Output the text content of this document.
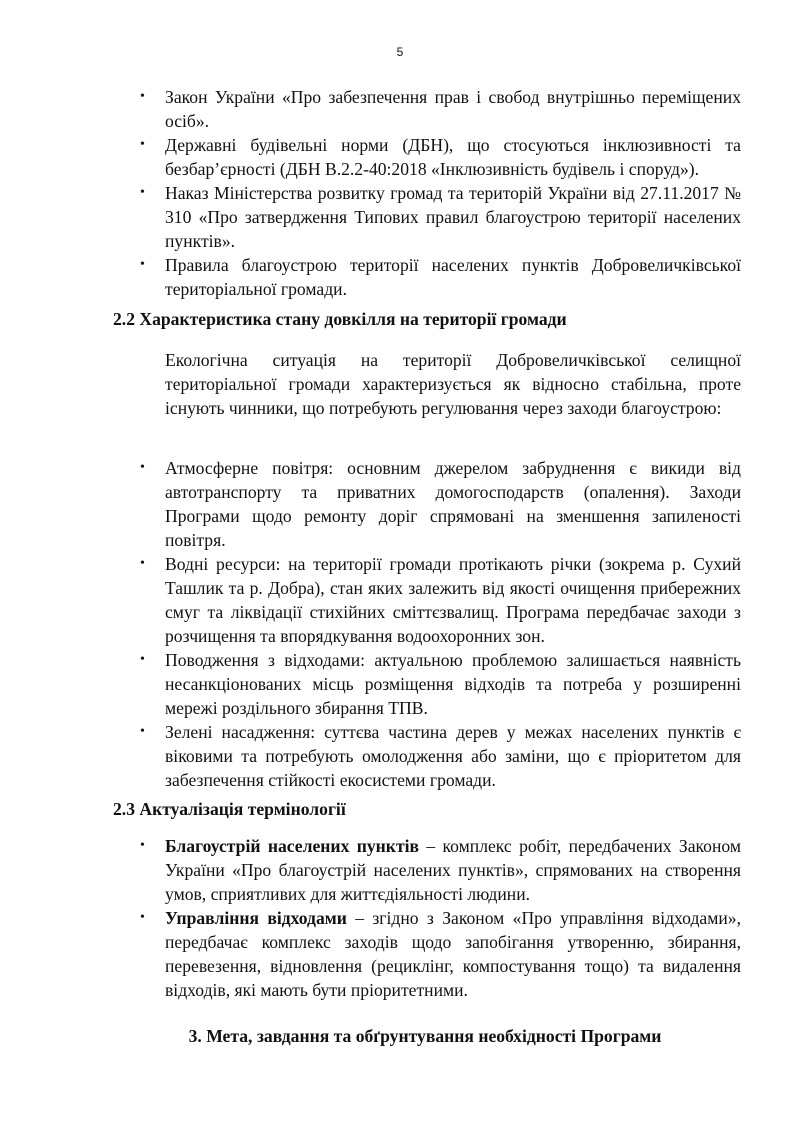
5
• Закон України «Про забезпечення прав і свобод внутрішньо переміщених осіб».
• Державні будівельні норми (ДБН), що стосуються інклюзивності та безбар’єрності (ДБН В.2.2-40:2018 «Інклюзивність будівель і споруд»).
• Наказ Міністерства розвитку громад та територій України від 27.11.2017 № 310 «Про затвердження Типових правил благоустрою території населених пунктів».
• Правила благоустрою території населених пунктів Добровеличківської територіальної громади.
2.2 Характеристика стану довкілля на території громади
Екологічна ситуація на території Добровеличківської селищної територіальної громади характеризується як відносно стабільна, проте існують чинники, що потребують регулювання через заходи благоустрою:
• Атмосферне повітря: основним джерелом забруднення є викиди від автотранспорту та приватних домогосподарств (опалення). Заходи Програми щодо ремонту доріг спрямовані на зменшення запиленості повітря.
• Водні ресурси: на території громади протікають річки (зокрема р. Сухий Ташлик та р. Добра), стан яких залежить від якості очищення прибережних смуг та ліквідації стихійних сміттєзвалищ. Програма передбачає заходи з розчищення та впорядкування водоохоронних зон.
• Поводження з відходами: актуальною проблемою залишається наявність несанкціонованих місць розміщення відходів та потреба у розширенні мережі роздільного збирання ТПВ.
• Зелені насадження: суттєва частина дерев у межах населених пунктів є віковими та потребують омолодження або заміни, що є пріоритетом для забезпечення стійкості екосистеми громади.
2.3 Актуалізація термінології
• Благоустрій населених пунктів – комплекс робіт, передбачених Законом України «Про благоустрій населених пунктів», спрямованих на створення умов, сприятливих для життєдіяльності людини.
• Управління відходами – згідно з Законом «Про управління відходами», передбачає комплекс заходів щодо запобігання утворенню, збирання, перевезення, відновлення (рециклінг, компостування тощо) та видалення відходів, які мають бути пріоритетними.
3. Мета, завдання та обґрунтування необхідності Програми
